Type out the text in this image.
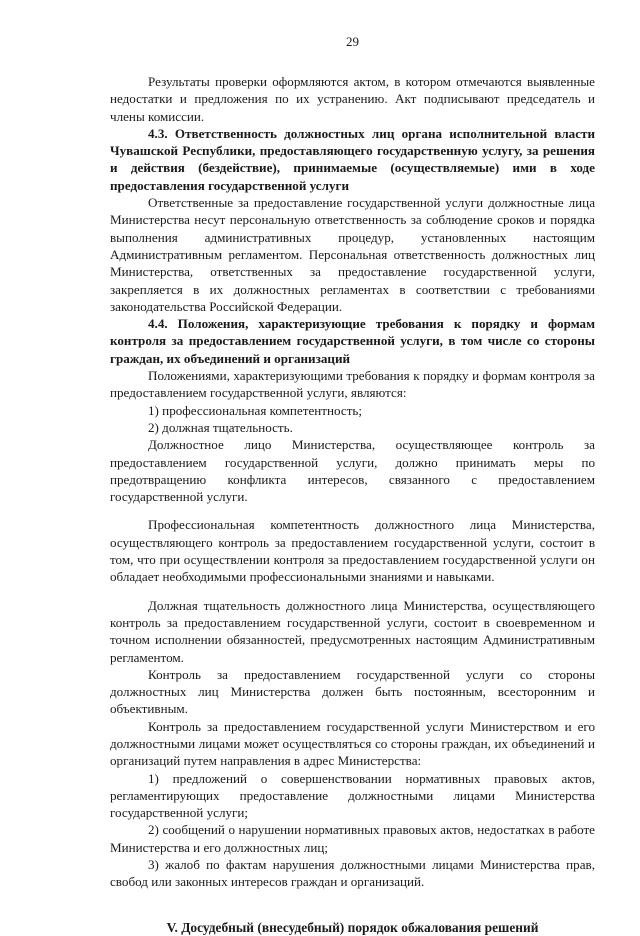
29

Результаты проверки оформляются актом, в котором отмечаются выявленные недостатки и предложения по их устранению. Акт подписывают председатель и члены комиссии.

4.3. Ответственность должностных лиц органа исполнительной власти Чувашской Республики, предоставляющего государственную услугу, за решения и действия (бездействие), принимаемые (осуществляемые) ими в ходе предоставления государственной услуги

Ответственные за предоставление государственной услуги должностные лица Министерства несут персональную ответственность за соблюдение сроков и порядка выполнения административных процедур, установленных настоящим Административным регламентом. Персональная ответственность должностных лиц Министерства, ответственных за предоставление государственной услуги, закрепляется в их должностных регламентах в соответствии с требованиями законодательства Российской Федерации.

4.4. Положения, характеризующие требования к порядку и формам контроля за предоставлением государственной услуги, в том числе со стороны граждан, их объединений и организаций

Положениями, характеризующими требования к порядку и формам контроля за предоставлением государственной услуги, являются:

1) профессиональная компетентность;

2) должная тщательность.

Должностное лицо Министерства, осуществляющее контроль за предоставлением государственной услуги, должно принимать меры по предотвращению конфликта интересов, связанного с предоставлением государственной услуги.

Профессиональная компетентность должностного лица Министерства, осуществляющего контроль за предоставлением государственной услуги, состоит в том, что при осуществлении контроля за предоставлением государственной услуги он обладает необходимыми профессиональными знаниями и навыками.

Должная тщательность должностного лица Министерства, осуществляющего контроль за предоставлением государственной услуги, состоит в своевременном и точном исполнении обязанностей, предусмотренных настоящим Административным регламентом.

Контроль за предоставлением государственной услуги со стороны должностных лиц Министерства должен быть постоянным, всесторонним и объективным.

Контроль за предоставлением государственной услуги Министерством и его должностными лицами может осуществляться со стороны граждан, их объединений и организаций путем направления в адрес Министерства:

1) предложений о совершенствовании нормативных правовых актов, регламентирующих предоставление должностными лицами Министерства государственной услуги;

2) сообщений о нарушении нормативных правовых актов, недостатках в работе Министерства и его должностных лиц;

3) жалоб по фактам нарушения должностными лицами Министерства прав, свобод или законных интересов граждан и организаций.

V. Досудебный (внесудебный) порядок обжалования решений
